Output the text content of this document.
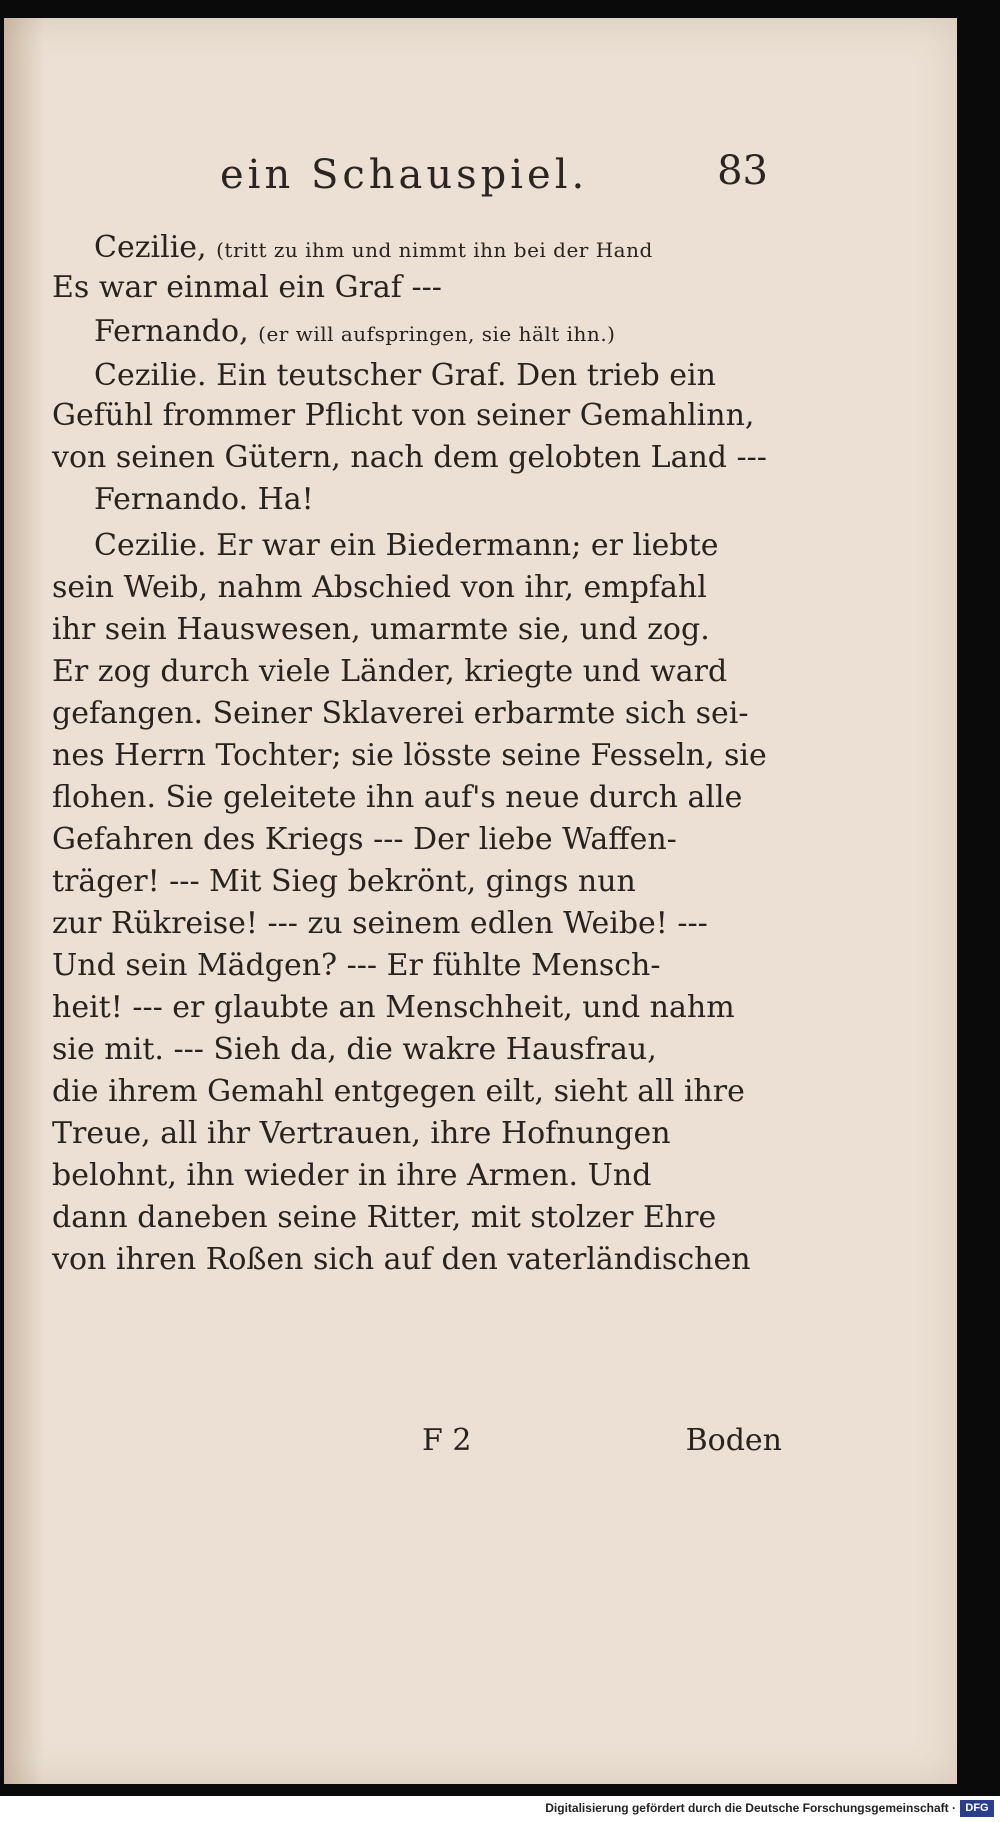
ein Schauspiel.	83
Cezilie, (tritt zu ihm und nimmt ihn bei der Hand
Es war einmal ein Graf ---
Fernando, (er will aufspringen, sie hält ihn.)
Cezilie. Ein teutscher Graf. Den trieb ein
Gefühl frommer Pflicht von seiner Gemahlinn,
von seinen Gütern, nach dem gelobten Land ---
Fernando. Ha!
Cezilie. Er war ein Biedermann; er liebte
sein Weib, nahm Abschied von ihr, empfahl
ihr sein Hauswesen, umarmte sie, und zog.
Er zog durch viele Länder, kriegte und ward
gefangen. Seiner Sklaverei erbarmte sich sei-
nes Herrn Tochter; sie lösste seine Fesseln, sie
flohen. Sie geleitete ihn auf's neue durch alle
Gefahren des Kriegs --- Der liebe Waffen-
träger! --- Mit Sieg bekrönt, gings nun
zur Rükreise! --- zu seinem edlen Weibe! ---
Und sein Mädgen? --- Er fühlte Mensch-
heit! --- er glaubte an Menschheit, und nahm
sie mit. --- Sieh da, die wakre Hausfrau,
die ihrem Gemahl entgegen eilt, sieht all ihre
Treue, all ihr Vertrauen, ihre Hofnungen
belohnt, ihn wieder in ihre Armen. Und
dann daneben seine Ritter, mit stolzer Ehre
von ihren Roßen sich auf den vaterländischen
F 2	Boden
Digitalisierung gefördert durch die Deutsche Forschungsgemeinschaft · DFG
